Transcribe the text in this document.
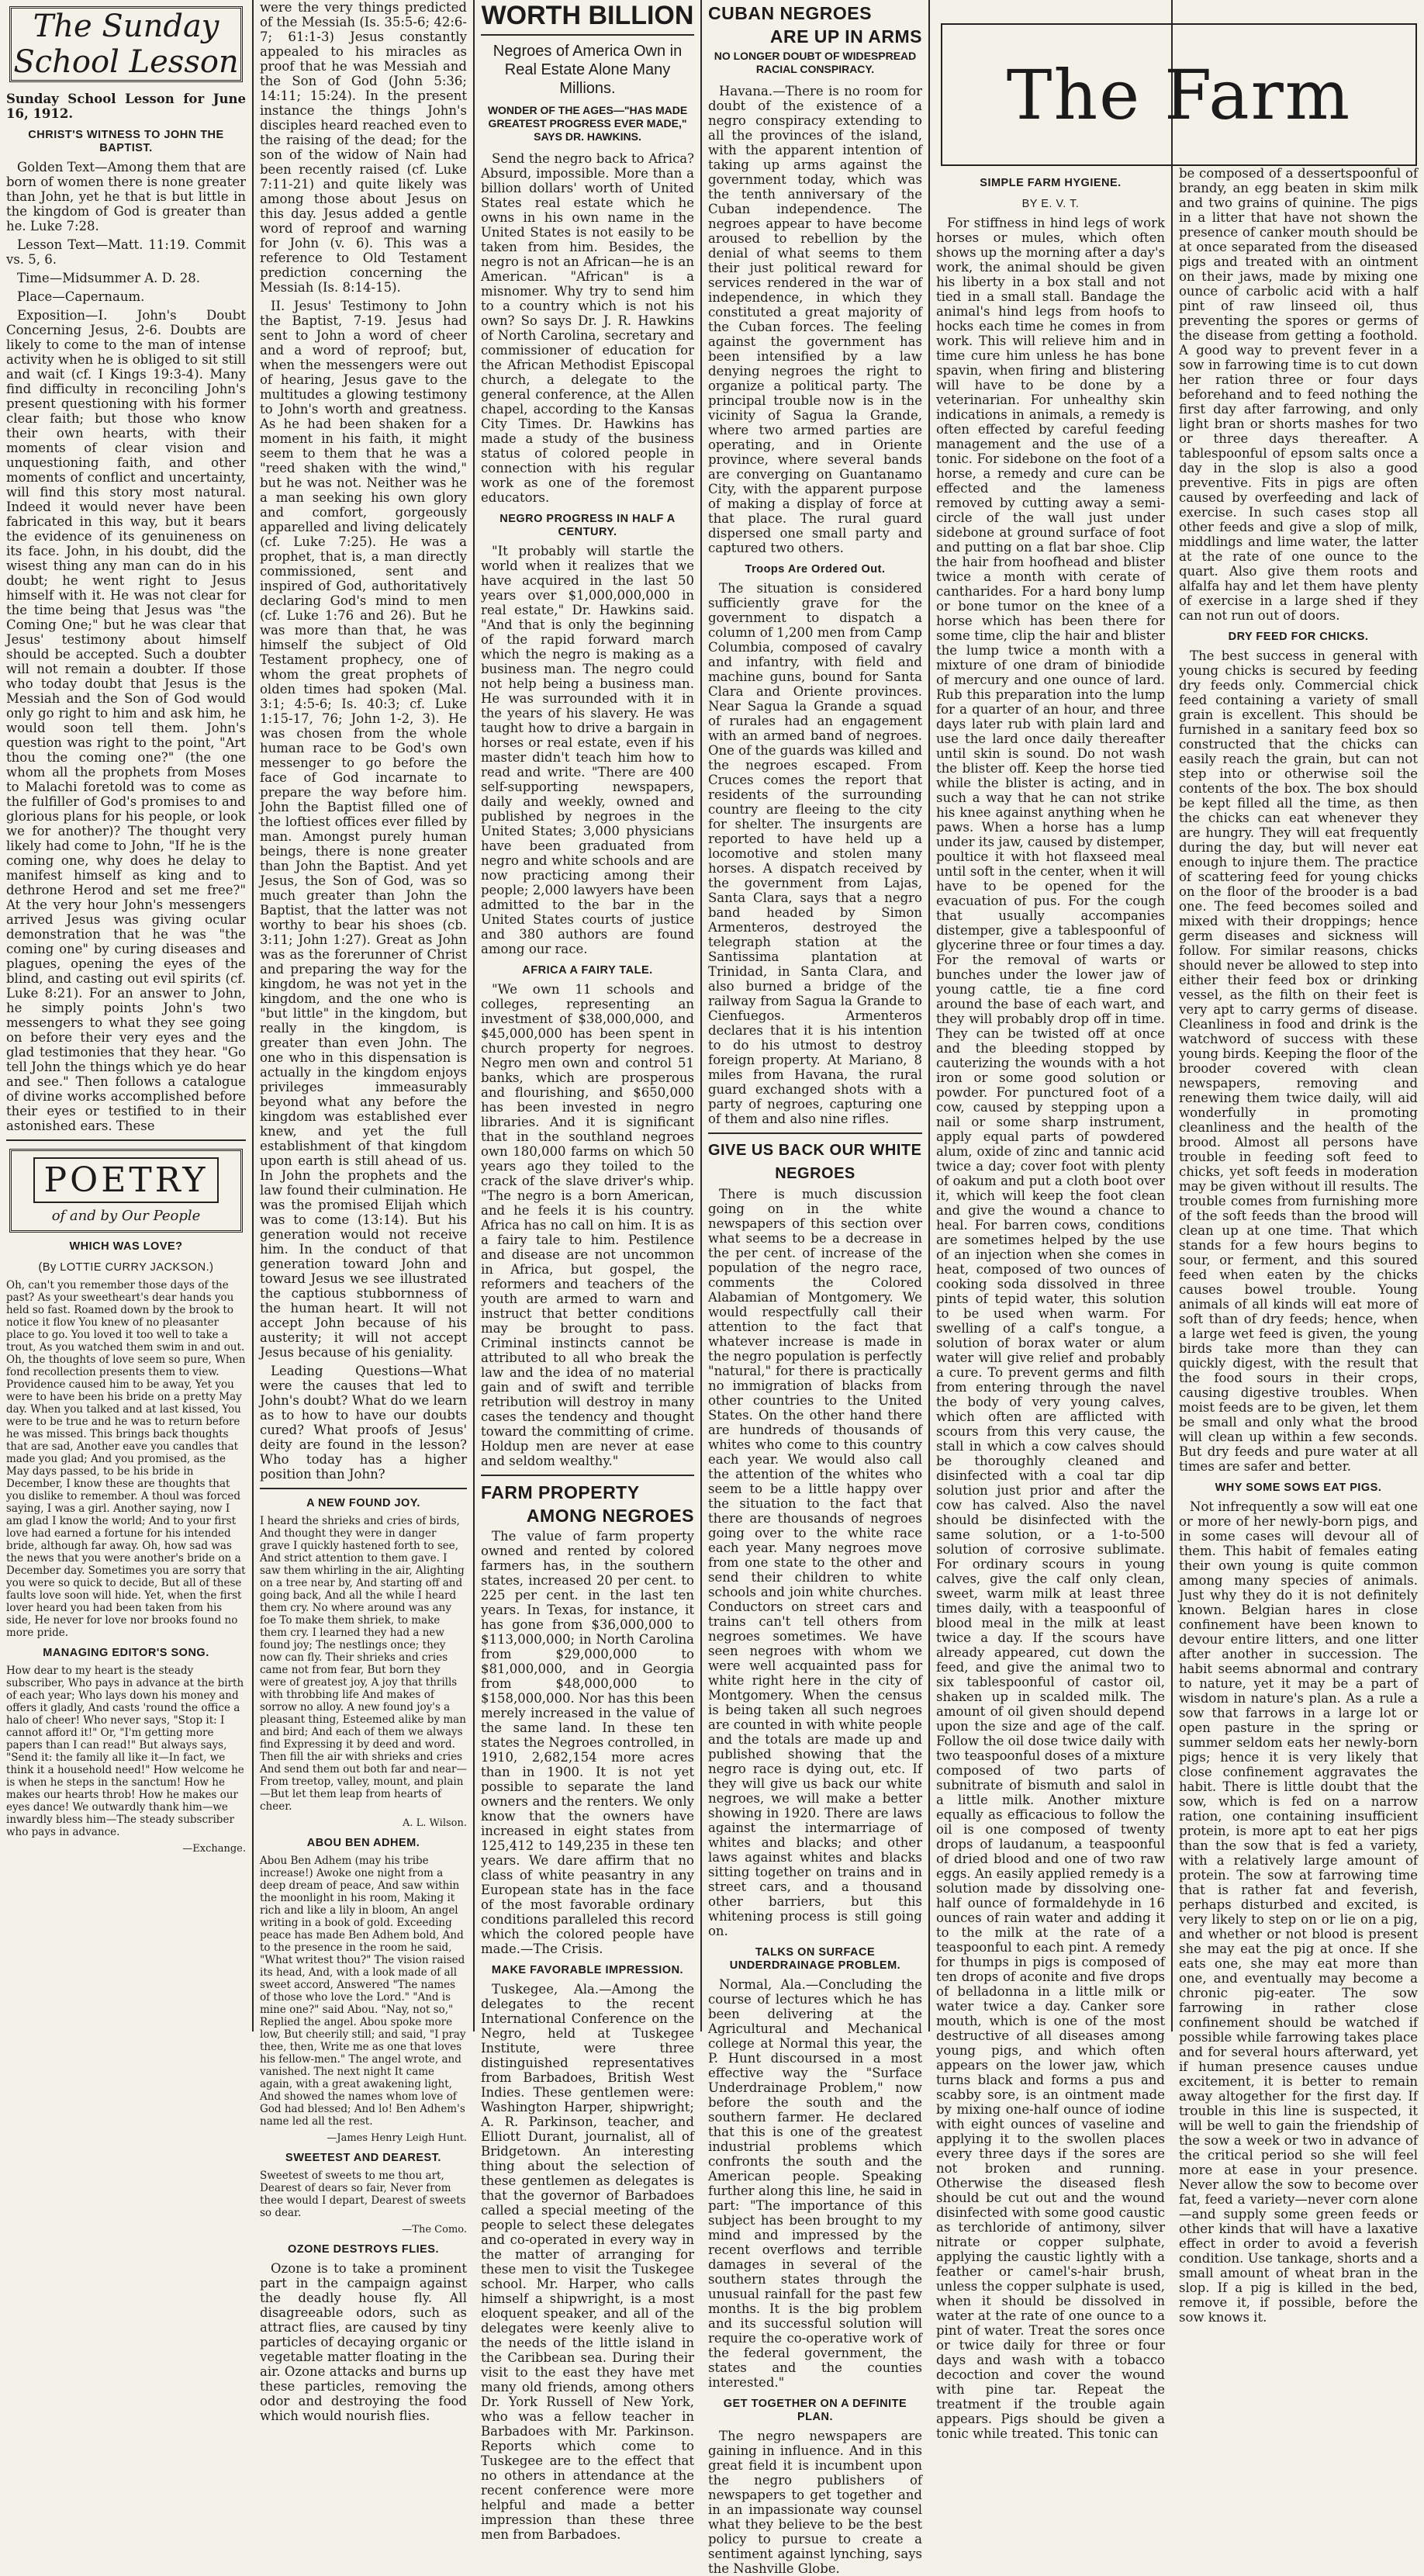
The Sunday
School Lesson

Sunday School Lesson for June 16, 1912.

CHRIST'S WITNESS TO JOHN THE BAPTIST.

Golden Text—Among them that are born of women there is none greater than John, yet he that is but little in the kingdom of God is greater than he. Luke 7:28.

Lesson Text—Matt. 11:19. Commit vs. 5, 6.

Time—Midsummer A. D. 28.

Place—Capernaum.

Exposition—I. John's Doubt Concerning Jesus, 2-6. Doubts are likely to come to the man of intense activity when he is obliged to sit still and wait (cf. I Kings 19:3-4). Many find difficulty in reconciling John's present questioning with his former clear faith; but those who know their own hearts, with their moments of clear vision and unquestioning faith, and other moments of conflict and uncertainty, will find this story most natural. Indeed it would never have been fabricated in this way, but it bears the evidence of its genuineness on its face. John, in his doubt, did the wisest thing any man can do in his doubt; he went right to Jesus himself with it. He was not clear for the time being that Jesus was "the Coming One;" but he was clear that Jesus' testimony about himself should be accepted. Such a doubter will not remain a doubter. If those who today doubt that Jesus is the Messiah and the Son of God would only go right to him and ask him, he would soon tell them. John's question was right to the point, "Art thou the coming one?" (the one whom all the prophets from Moses to Malachi foretold was to come as the fulfiller of God's promises to and glorious plans for his people, or look we for another)? The thought very likely had come to John, "If he is the coming one, why does he delay to manifest himself as king and to dethrone Herod and set me free?" At the very hour John's messengers arrived Jesus was giving ocular demonstration that he was "the coming one" by curing diseases and plagues, opening the eyes of the blind, and casting out evil spirits (cf. Luke 8:21). For an answer to John, he simply points John's two messengers to what they see going on before their very eyes and the glad testimonies that they hear. "Go tell John the things which ye do hear and see." Then follows a catalogue of divine works accomplished before their eyes or testified to in their astonished ears. These

POETRY
of and by Our People
WHICH WAS LOVE?
(By LOTTIE CURRY JACKSON.)
Oh, can't you remember those days of the past? As your sweetheart's dear hands you held so fast. Roamed down by the brook to notice it flow You knew of no pleasanter place to go. You loved it too well to take a trout, As you watched them swim in and out. Oh, the thoughts of love seem so pure, When fond recollection presents them to view. Providence caused him to be away, Yet you were to have been his bride on a pretty May day. When you talked and at last kissed, You were to be true and he was to return before he was missed. This brings back thoughts that are sad, Another eave you candles that made you glad; And you promised, as the May days passed, to be his bride in December, I know these are thoughts that you dislike to remember. A thoul was forced saying, I was a girl. Another saying, now I am glad I know the world; And to your first love had earned a fortune for his intended bride, although far away. Oh, how sad was the news that you were another's bride on a December day. Sometimes you are sorry that you were so quick to decide, But all of these faults love soon will hide. Yet, when the first lover heard you had been taken from his side, He never for love nor brooks found no more pride.
MANAGING EDITOR'S SONG.
How dear to my heart is the steady subscriber, Who pays in advance at the birth of each year; Who lays down his money and offers it gladly, And casts 'round the office a halo of cheer! Who never says, "Stop it: I cannot afford it!" Or, "I'm getting more papers than I can read!" But always says, "Send it: the family all like it—In fact, we think it a household need!" How welcome he is when he steps in the sanctum! How he makes our hearts throb! How he makes our eyes dance! We outwardly thank him—we inwardly bless him—The steady subscriber who pays in advance.
—Exchange.

were the very things predicted of the Messiah (Is. 35:5-6; 42:6-7; 61:1-3) Jesus constantly appealed to his miracles as proof that he was Messiah and the Son of God (John 5:36; 14:11; 15:24). In the present instance the things John's disciples heard reached even to the raising of the dead; for the son of the widow of Nain had been recently raised (cf. Luke 7:11-21) and quite likely was among those about Jesus on this day. Jesus added a gentle word of reproof and warning for John (v. 6). This was a reference to Old Testament prediction concerning the Messiah (Is. 8:14-15).

II. Jesus' Testimony to John the Baptist, 7-19. Jesus had sent to John a word of cheer and a word of reproof; but, when the messengers were out of hearing, Jesus gave to the multitudes a glowing testimony to John's worth and greatness. As he had been shaken for a moment in his faith, it might seem to them that he was a "reed shaken with the wind," but he was not. Neither was he a man seeking his own glory and comfort, gorgeously apparelled and living delicately (cf. Luke 7:25). He was a prophet, that is, a man directly commissioned, sent and inspired of God, authoritatively declaring God's mind to men (cf. Luke 1:76 and 26). But he was more than that, he was himself the subject of Old Testament prophecy, one of whom the great prophets of olden times had spoken (Mal. 3:1; 4:5-6; Is. 40:3; cf. Luke 1:15-17, 76; John 1-2, 3). He was chosen from the whole human race to be God's own messenger to go before the face of God incarnate to prepare the way before him. John the Baptist filled one of the loftiest offices ever filled by man. Amongst purely human beings, there is none greater than John the Baptist. And yet Jesus, the Son of God, was so much greater than John the Baptist, that the latter was not worthy to bear his shoes (cb. 3:11; John 1:27). Great as John was as the forerunner of Christ and preparing the way for the kingdom, he was not yet in the kingdom, and the one who is "but little" in the kingdom, but really in the kingdom, is greater than even John. The one who in this dispensation is actually in the kingdom enjoys privileges immeasurably beyond what any before the kingdom was established ever knew, and yet the full establishment of that kingdom upon earth is still ahead of us. In John the prophets and the law found their culmination. He was the promised Elijah which was to come (13:14). But his generation would not receive him. In the conduct of that generation toward John and toward Jesus we see illustrated the captious stubbornness of the human heart. It will not accept John because of his austerity; it will not accept Jesus because of his geniality.

Leading Questions—What were the causes that led to John's doubt? What do we learn as to how to have our doubts cured? What proofs of Jesus' deity are found in the lesson? Who today has a higher position than John?

A NEW FOUND JOY.
I heard the shrieks and cries of birds, And thought they were in danger grave I quickly hastened forth to see, And strict attention to them gave. I saw them whirling in the air, Alighting on a tree near by, And starting off and going back, And all the while I heard them cry. No where around was any foe To make them shriek, to make them cry. I learned they had a new found joy; The nestlings once; they now can fly. Their shrieks and cries came not from fear, But born they were of greatest joy, A joy that thrills with throbbing life And makes of sorrow no alloy. A new found joy's a pleasant thing, Esteemed alike by man and bird; And each of them we always find Expressing it by deed and word. Then fill the air with shrieks and cries And send them out both far and near—From treetop, valley, mount, and plain—But let them leap from hearts of cheer.
A. L. Wilson.
ABOU BEN ADHEM.
Abou Ben Adhem (may his tribe increase!) Awoke one night from a deep dream of peace, And saw within the moonlight in his room, Making it rich and like a lily in bloom, An angel writing in a book of gold. Exceeding peace has made Ben Adhem bold, And to the presence in the room he said, "What writest thou?" The vision raised its head, And, with a look made of all sweet accord, Answered "The names of those who love the Lord." "And is mine one?" said Abou. "Nay, not so," Replied the angel. Abou spoke more low, But cheerily still; and said, "I pray thee, then, Write me as one that loves his fellow-men." The angel wrote, and vanished. The next night It came again, with a great awakening light, And showed the names whom love of God had blessed; And lo! Ben Adhem's name led all the rest.
—James Henry Leigh Hunt.
SWEETEST AND DEAREST.
Sweetest of sweets to me thou art, Dearest of dears so fair, Never from thee would I depart, Dearest of sweets so dear.
—The Como.
OZONE DESTROYS FLIES.

Ozone is to take a prominent part in the campaign against the deadly house fly. All disagreeable odors, such as attract flies, are caused by tiny particles of decaying organic or vegetable matter floating in the air. Ozone attacks and burns up these particles, removing the odor and destroying the food which would nourish flies.

WORTH BILLION
Negroes of America Own in Real Estate Alone Many Millions.
WONDER OF THE AGES—"HAS MADE GREATEST PROGRESS EVER MADE," SAYS DR. HAWKINS.

Send the negro back to Africa? Absurd, impossible. More than a billion dollars' worth of United States real estate which he owns in his own name in the United States is not easily to be taken from him. Besides, the negro is not an African—he is an American. "African" is a misnomer. Why try to send him to a country which is not his own? So says Dr. J. R. Hawkins of North Carolina, secretary and commissioner of education for the African Methodist Episcopal church, a delegate to the general conference, at the Allen chapel, according to the Kansas City Times. Dr. Hawkins has made a study of the business status of colored people in connection with his regular work as one of the foremost educators.

NEGRO PROGRESS IN HALF A CENTURY.

"It probably will startle the world when it realizes that we have acquired in the last 50 years over $1,000,000,000 in real estate," Dr. Hawkins said. "And that is only the beginning of the rapid forward march which the negro is making as a business man. The negro could not help being a business man. He was surrounded with it in the years of his slavery. He was taught how to drive a bargain in horses or real estate, even if his master didn't teach him how to read and write. "There are 400 self-supporting newspapers, daily and weekly, owned and published by negroes in the United States; 3,000 physicians have been graduated from negro and white schools and are now practicing among their people; 2,000 lawyers have been admitted to the bar in the United States courts of justice and 380 authors are found among our race.

AFRICA A FAIRY TALE.

"We own 11 schools and colleges, representing an investment of $38,000,000, and $45,000,000 has been spent in church property for negroes. Negro men own and control 51 banks, which are prosperous and flourishing, and $650,000 has been invested in negro libraries. And it is significant that in the southland negroes own 180,000 farms on which 50 years ago they toiled to the crack of the slave driver's whip. "The negro is a born American, and he feels it is his country. Africa has no call on him. It is as a fairy tale to him. Pestilence and disease are not uncommon in Africa, but gospel, the reformers and teachers of the youth are armed to warn and instruct that better conditions may be brought to pass. Criminal instincts cannot be attributed to all who break the law and the idea of no material gain and of swift and terrible retribution will destroy in many cases the tendency and thought toward the committing of crime. Holdup men are never at ease and seldom wealthy."

FARM PROPERTY
AMONG NEGROES

The value of farm property owned and rented by colored farmers has, in the southern states, increased 20 per cent. to 225 per cent. in the last ten years. In Texas, for instance, it has gone from $36,000,000 to $113,000,000; in North Carolina from $29,000,000 to $81,000,000, and in Georgia from $48,000,000 to $158,000,000. Nor has this been merely increased in the value of the same land. In these ten states the Negroes controlled, in 1910, 2,682,154 more acres than in 1900. It is not yet possible to separate the land owners and the renters. We only know that the owners have increased in eight states from 125,412 to 149,235 in these ten years. We dare affirm that no class of white peasantry in any European state has in the face of the most favorable ordinary conditions paralleled this record which the colored people have made.—The Crisis.

MAKE FAVORABLE IMPRESSION.

Tuskegee, Ala.—Among the delegates to the recent International Conference on the Negro, held at Tuskegee Institute, were three distinguished representatives from Barbadoes, British West Indies. These gentlemen were: Washington Harper, shipwright; A. R. Parkinson, teacher, and Elliott Durant, journalist, all of Bridgetown. An interesting thing about the selection of these gentlemen as delegates is that the governor of Barbadoes called a special meeting of the people to select these delegates and co-operated in every way in the matter of arranging for these men to visit the Tuskegee school. Mr. Harper, who calls himself a shipwright, is a most eloquent speaker, and all of the delegates were keenly alive to the needs of the little island in the Caribbean sea. During their visit to the east they have met many old friends, among others Dr. York Russell of New York, who was a fellow teacher in Barbadoes with Mr. Parkinson. Reports which come to Tuskegee are to the effect that no others in attendance at the recent conference were more helpful and made a better impression than these three men from Barbadoes.

CUBAN NEGROES
ARE UP IN ARMS
NO LONGER DOUBT OF WIDESPREAD RACIAL CONSPIRACY.

Havana.—There is no room for doubt of the existence of a negro conspiracy extending to all the provinces of the island, with the apparent intention of taking up arms against the government today, which was the tenth anniversary of the Cuban independence. The negroes appear to have become aroused to rebellion by the denial of what seems to them their just political reward for services rendered in the war of independence, in which they constituted a great majority of the Cuban forces. The feeling against the government has been intensified by a law denying negroes the right to organize a political party. The principal trouble now is in the vicinity of Sagua la Grande, where two armed parties are operating, and in Oriente province, where several bands are converging on Guantanamo City, with the apparent purpose of making a display of force at that place. The rural guard dispersed one small party and captured two others.

Troops Are Ordered Out.

The situation is considered sufficiently grave for the government to dispatch a column of 1,200 men from Camp Columbia, composed of cavalry and infantry, with field and machine guns, bound for Santa Clara and Oriente provinces. Near Sagua la Grande a squad of rurales had an engagement with an armed band of negroes. One of the guards was killed and the negroes escaped. From Cruces comes the report that residents of the surrounding country are fleeing to the city for shelter. The insurgents are reported to have held up a locomotive and stolen many horses. A dispatch received by the government from Lajas, Santa Clara, says that a negro band headed by Simon Armenteros, destroyed the telegraph station at the Santissima plantation at Trinidad, in Santa Clara, and also burned a bridge of the railway from Sagua la Grande to Cienfuegos. Armenteros declares that it is his intention to do his utmost to destroy foreign property. At Mariano, 8 miles from Havana, the rural guard exchanged shots with a party of negroes, capturing one of them and also nine rifles.

GIVE US BACK OUR WHITE
NEGROES

There is much discussion going on in the white newspapers of this section over what seems to be a decrease in the per cent. of increase of the population of the negro race, comments the Colored Alabamian of Montgomery. We would respectfully call their attention to the fact that whatever increase is made in the negro population is perfectly "natural," for there is practically no immigration of blacks from other countries to the United States. On the other hand there are hundreds of thousands of whites who come to this country each year. We would also call the attention of the whites who seem to be a little happy over the situation to the fact that there are thousands of negroes going over to the white race each year. Many negroes move from one state to the other and send their children to white schools and join white churches. Conductors on street cars and trains can't tell others from negroes sometimes. We have seen negroes with whom we were well acquainted pass for white right here in the city of Montgomery. When the census is being taken all such negroes are counted in with white people and the totals are made up and published showing that the negro race is dying out, etc. If they will give us back our white negroes, we will make a better showing in 1920. There are laws against the intermarriage of whites and blacks; and other laws against whites and blacks sitting together on trains and in street cars, and a thousand other barriers, but this whitening process is still going on.

TALKS ON SURFACE UNDERDRAINAGE PROBLEM.

Normal, Ala.—Concluding the course of lectures which he has been delivering at the Agricultural and Mechanical college at Normal this year, the P. Hunt discoursed in a most effective way the "Surface Underdrainage Problem," now before the south and the southern farmer. He declared that this is one of the greatest industrial problems which confronts the south and the American people. Speaking further along this line, he said in part: "The importance of this subject has been brought to my mind and impressed by the recent overflows and terrible damages in several of the southern states through the unusual rainfall for the past few months. It is the big problem and its successful solution will require the co-operative work of the federal government, the states and the counties interested."

GET TOGETHER ON A DEFINITE PLAN.

The negro newspapers are gaining in influence. And in this great field it is incumbent upon the negro publishers of newspapers to get together and in an impassionate way counsel what they believe to be the best policy to pursue to create a sentiment against lynching, says the Nashville Globe.

The Farm
SIMPLE FARM HYGIENE.
BY E. V. T.

For stiffness in hind legs of work horses or mules, which often shows up the morning after a day's work, the animal should be given his liberty in a box stall and not tied in a small stall. Bandage the animal's hind legs from hoofs to hocks each time he comes in from work. This will relieve him and in time cure him unless he has bone spavin, when firing and blistering will have to be done by a veterinarian. For unhealthy skin indications in animals, a remedy is often effected by careful feeding management and the use of a tonic. For sidebone on the foot of a horse, a remedy and cure can be effected and the lameness removed by cutting away a semi-circle of the wall just under sidebone at ground surface of foot and putting on a flat bar shoe. Clip the hair from hoofhead and blister twice a month with cerate of cantharides. For a hard bony lump or bone tumor on the knee of a horse which has been there for some time, clip the hair and blister the lump twice a month with a mixture of one dram of biniodide of mercury and one ounce of lard. Rub this preparation into the lump for a quarter of an hour, and three days later rub with plain lard and use the lard once daily thereafter until skin is sound. Do not wash the blister off. Keep the horse tied while the blister is acting, and in such a way that he can not strike his knee against anything when he paws. When a horse has a lump under its jaw, caused by distemper, poultice it with hot flaxseed meal until soft in the center, when it will have to be opened for the evacuation of pus. For the cough that usually accompanies distemper, give a tablespoonful of glycerine three or four times a day. For the removal of warts or bunches under the lower jaw of young cattle, tie a fine cord around the base of each wart, and they will probably drop off in time. They can be twisted off at once and the bleeding stopped by cauterizing the wounds with a hot iron or some good solution or powder. For punctured foot of a cow, caused by stepping upon a nail or some sharp instrument, apply equal parts of powdered alum, oxide of zinc and tannic acid twice a day; cover foot with plenty of oakum and put a cloth boot over it, which will keep the foot clean and give the wound a chance to heal. For barren cows, conditions are sometimes helped by the use of an injection when she comes in heat, composed of two ounces of cooking soda dissolved in three pints of tepid water, this solution to be used when warm. For swelling of a calf's tongue, a solution of borax water or alum water will give relief and probably a cure. To prevent germs and filth from entering through the navel the body of very young calves, which often are afflicted with scours from this very cause, the stall in which a cow calves should be thoroughly cleaned and disinfected with a coal tar dip solution just prior and after the cow has calved. Also the navel should be disinfected with the same solution, or a 1-to-500 solution of corrosive sublimate. For ordinary scours in young calves, give the calf only clean, sweet, warm milk at least three times daily, with a teaspoonful of blood meal in the milk at least twice a day. If the scours have already appeared, cut down the feed, and give the animal two to six tablespoonful of castor oil, shaken up in scalded milk. The amount of oil given should depend upon the size and age of the calf. Follow the oil dose twice daily with two teaspoonful doses of a mixture composed of two parts of subnitrate of bismuth and salol in a little milk. Another mixture equally as efficacious to follow the oil is one composed of twenty drops of laudanum, a teaspoonful of dried blood and one of two raw eggs. An easily applied remedy is a solution made by dissolving one-half ounce of formaldehyde in 16 ounces of rain water and adding it to the milk at the rate of a teaspoonful to each pint. A remedy for thumps in pigs is composed of ten drops of aconite and five drops of belladonna in a little milk or water twice a day. Canker sore mouth, which is one of the most destructive of all diseases among young pigs, and which often appears on the lower jaw, which turns black and forms a pus and scabby sore, is an ointment made by mixing one-half ounce of iodine with eight ounces of vaseline and applying it to the swollen places every three days if the sores are not broken and running. Otherwise the diseased flesh should be cut out and the wound disinfected with some good caustic as terchloride of antimony, silver nitrate or copper sulphate, applying the caustic lightly with a feather or camel's-hair brush, unless the copper sulphate is used, when it should be dissolved in water at the rate of one ounce to a pint of water. Treat the sores once or twice daily for three or four days and wash with a tobacco decoction and cover the wound with pine tar. Repeat the treatment if the trouble again appears. Pigs should be given a tonic while treated. This tonic can

be composed of a dessertspoonful of brandy, an egg beaten in skim milk and two grains of quinine. The pigs in a litter that have not shown the presence of canker mouth should be at once separated from the diseased pigs and treated with an ointment on their jaws, made by mixing one ounce of carbolic acid with a half pint of raw linseed oil, thus preventing the spores or germs of the disease from getting a foothold. A good way to prevent fever in a sow in farrowing time is to cut down her ration three or four days beforehand and to feed nothing the first day after farrowing, and only light bran or shorts mashes for two or three days thereafter. A tablespoonful of epsom salts once a day in the slop is also a good preventive. Fits in pigs are often caused by overfeeding and lack of exercise. In such cases stop all other feeds and give a slop of milk, middlings and lime water, the latter at the rate of one ounce to the quart. Also give them roots and alfalfa hay and let them have plenty of exercise in a large shed if they can not run out of doors.

DRY FEED FOR CHICKS.

The best success in general with young chicks is secured by feeding dry feeds only. Commercial chick feed containing a variety of small grain is excellent. This should be furnished in a sanitary feed box so constructed that the chicks can easily reach the grain, but can not step into or otherwise soil the contents of the box. The box should be kept filled all the time, as then the chicks can eat whenever they are hungry. They will eat frequently during the day, but will never eat enough to injure them. The practice of scattering feed for young chicks on the floor of the brooder is a bad one. The feed becomes soiled and mixed with their droppings; hence germ diseases and sickness will follow. For similar reasons, chicks should never be allowed to step into either their feed box or drinking vessel, as the filth on their feet is very apt to carry germs of disease. Cleanliness in food and drink is the watchword of success with these young birds. Keeping the floor of the brooder covered with clean newspapers, removing and renewing them twice daily, will aid wonderfully in promoting cleanliness and the health of the brood. Almost all persons have trouble in feeding soft feed to chicks, yet soft feeds in moderation may be given without ill results. The trouble comes from furnishing more of the soft feeds than the brood will clean up at one time. That which stands for a few hours begins to sour, or ferment, and this soured feed when eaten by the chicks causes bowel trouble. Young animals of all kinds will eat more of soft than of dry feeds; hence, when a large wet feed is given, the young birds take more than they can quickly digest, with the result that the food sours in their crops, causing digestive troubles. When moist feeds are to be given, let them be small and only what the brood will clean up within a few seconds. But dry feeds and pure water at all times are safer and better.

WHY SOME SOWS EAT PIGS.

Not infrequently a sow will eat one or more of her newly-born pigs, and in some cases will devour all of them. This habit of females eating their own young is quite common among many species of animals. Just why they do it is not definitely known. Belgian hares in close confinement have been known to devour entire litters, and one litter after another in succession. The habit seems abnormal and contrary to nature, yet it may be a part of wisdom in nature's plan. As a rule a sow that farrows in a large lot or open pasture in the spring or summer seldom eats her newly-born pigs; hence it is very likely that close confinement aggravates the habit. There is little doubt that the sow, which is fed on a narrow ration, one containing insufficient protein, is more apt to eat her pigs than the sow that is fed a variety, with a relatively large amount of protein. The sow at farrowing time that is rather fat and feverish, perhaps disturbed and excited, is very likely to step on or lie on a pig, and whether or not blood is present she may eat the pig at once. If she eats one, she may eat more than one, and eventually may become a chronic pig-eater. The sow farrowing in rather close confinement should be watched if possible while farrowing takes place and for several hours afterward, yet if human presence causes undue excitement, it is better to remain away altogether for the first day. If trouble in this line is suspected, it will be well to gain the friendship of the sow a week or two in advance of the critical period so she will feel more at ease in your presence. Never allow the sow to become over fat, feed a variety—never corn alone—and supply some green feeds or other kinds that will have a laxative effect in order to avoid a feverish condition. Use tankage, shorts and a small amount of wheat bran in the slop. If a pig is killed in the bed, remove it, if possible, before the sow knows it.
